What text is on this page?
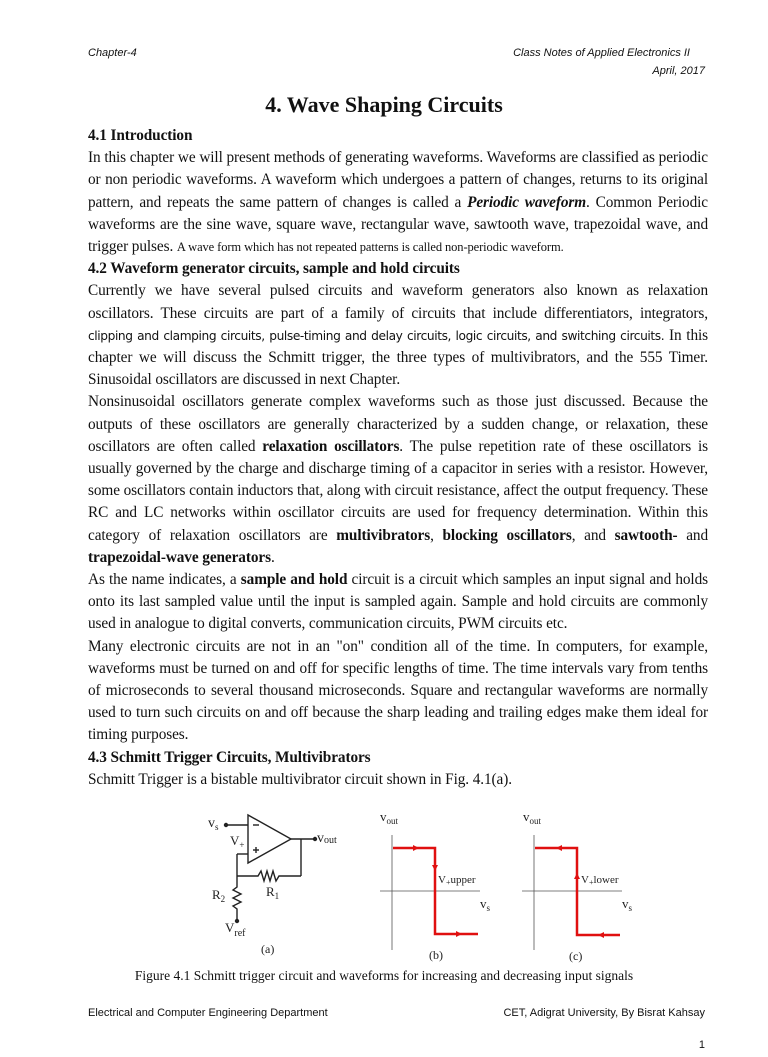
Chapter-4	Class Notes of Applied Electronics II
April, 2017
4. Wave Shaping Circuits

4.1 Introduction

In this chapter we will present methods of generating waveforms. Waveforms are classified as periodic or non periodic waveforms. A waveform which undergoes a pattern of changes, returns to its original pattern, and repeats the same pattern of changes is called a Periodic waveform. Common Periodic waveforms are the sine wave, square wave, rectangular wave, sawtooth wave, trapezoidal wave, and trigger pulses. A wave form which has not repeated patterns is called non-periodic waveform.

4.2 Waveform generator circuits, sample and hold circuits

Currently we have several pulsed circuits and waveform generators also known as relaxation oscillators. These circuits are part of a family of circuits that include differentiators, integrators, clipping and clamping circuits, pulse-timing and delay circuits, logic circuits, and switching circuits. In this chapter we will discuss the Schmitt trigger, the three types of multivibrators, and the 555 Timer. Sinusoidal oscillators are discussed in next Chapter.

Nonsinusoidal oscillators generate complex waveforms such as those just discussed. Because the outputs of these oscillators are generally characterized by a sudden change, or relaxation, these oscillators are often called relaxation oscillators. The pulse repetition rate of these oscillators is usually governed by the charge and discharge timing of a capacitor in series with a resistor. However, some oscillators contain inductors that, along with circuit resistance, affect the output frequency. These RC and LC networks within oscillator circuits are used for frequency determination. Within this category of relaxation oscillators are multivibrators, blocking oscillators, and sawtooth- and trapezoidal-wave generators.

As the name indicates, a sample and hold circuit is a circuit which samples an input signal and holds onto its last sampled value until the input is sampled again. Sample and hold circuits are commonly used in analogue to digital converts, communication circuits, PWM circuits etc.

Many electronic circuits are not in an "on" condition all of the time. In computers, for example, waveforms must be turned on and off for specific lengths of time. The time intervals vary from tenths of microseconds to several thousand microseconds. Square and rectangular waveforms are normally used to turn such circuits on and off because the sharp leading and trailing edges make them ideal for timing purposes.

4.3 Schmitt Trigger Circuits, Multivibrators

Schmitt Trigger is a bistable multivibrator circuit shown in Fig. 4.1(a).

$v_s$
$V_+$	vout
$R_1$
$R_2$
$V_{ref}$
(a)
$v_{out}$
$v_s$
V+upper
(b)
$v_{out}$
$v_s$
V+lower
(c)
Figure 4.1 Schmitt trigger circuit and waveforms for increasing and decreasing input signals
Electrical and Computer Engineering Department	CET, Adigrat University, By Bisrat Kahsay
1
